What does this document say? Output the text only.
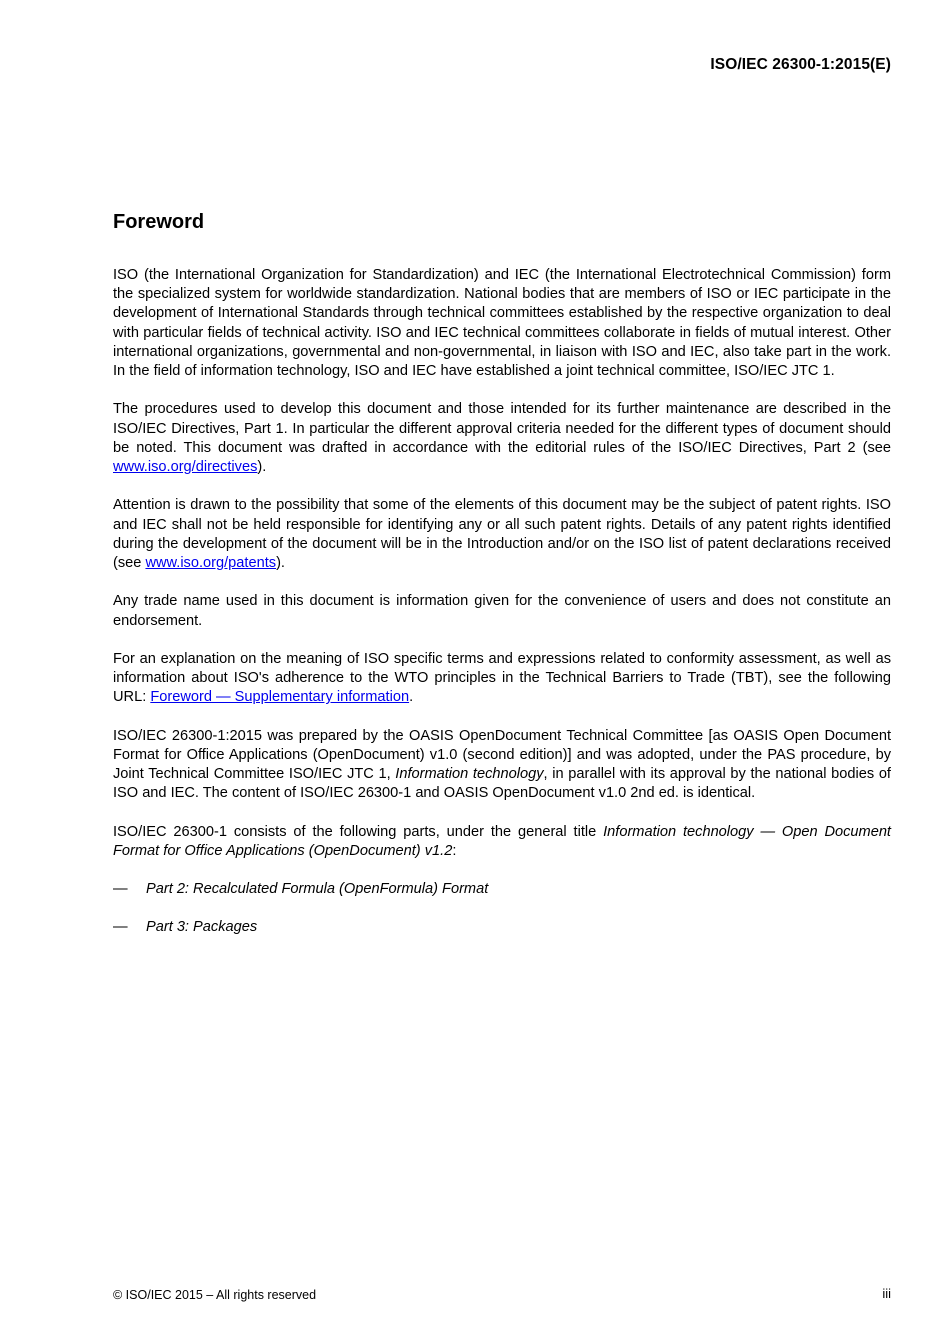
ISO/IEC 26300-1:2015(E)
Foreword

ISO (the International Organization for Standardization) and IEC (the International Electrotechnical Commission) form the specialized system for worldwide standardization. National bodies that are members of ISO or IEC participate in the development of International Standards through technical committees established by the respective organization to deal with particular fields of technical activity. ISO and IEC technical committees collaborate in fields of mutual interest. Other international organizations, governmental and non-governmental, in liaison with ISO and IEC, also take part in the work. In the field of information technology, ISO and IEC have established a joint technical committee, ISO/IEC JTC 1.

The procedures used to develop this document and those intended for its further maintenance are described in the ISO/IEC Directives, Part 1. In particular the different approval criteria needed for the different types of document should be noted. This document was drafted in accordance with the editorial rules of the ISO/IEC Directives, Part 2 (see www.iso.org/directives).

Attention is drawn to the possibility that some of the elements of this document may be the subject of patent rights. ISO and IEC shall not be held responsible for identifying any or all such patent rights. Details of any patent rights identified during the development of the document will be in the Introduction and/or on the ISO list of patent declarations received (see www.iso.org/patents).

Any trade name used in this document is information given for the convenience of users and does not constitute an endorsement.

For an explanation on the meaning of ISO specific terms and expressions related to conformity assessment, as well as information about ISO's adherence to the WTO principles in the Technical Barriers to Trade (TBT), see the following URL: Foreword — Supplementary information.

ISO/IEC 26300-1:2015 was prepared by the OASIS OpenDocument Technical Committee [as OASIS Open Document Format for Office Applications (OpenDocument) v1.0 (second edition)] and was adopted, under the PAS procedure, by Joint Technical Committee ISO/IEC JTC 1, Information technology, in parallel with its approval by the national bodies of ISO and IEC. The content of ISO/IEC 26300-1 and OASIS OpenDocument v1.0 2nd ed. is identical.

ISO/IEC 26300-1 consists of the following parts, under the general title Information technology — Open Document Format for Office Applications (OpenDocument) v1.2:

—	Part 2: Recalculated Formula (OpenFormula) Format
—	Part 3: Packages
© ISO/IEC 2015 – All rights reserved	iii
